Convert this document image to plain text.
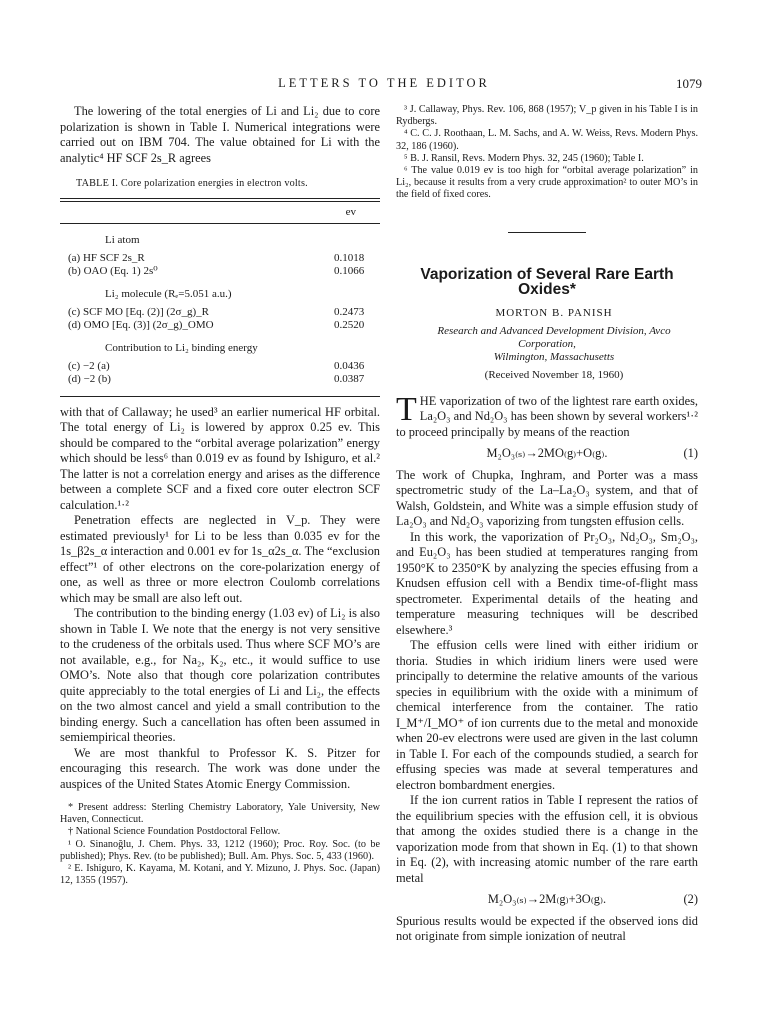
LETTERS TO THE EDITOR	1079

The lowering of the total energies of Li and Li₂ due to core polarization is shown in Table I. Numerical integrations were carried out on IBM 704. The value obtained for Li with the analytic⁴ HF SCF 2s_R agrees

TABLE I. Core polarization energies in electron volts.
ev
Li atom
(a) HF SCF 2s_R	0.1018
(b) OAO (Eq. 1) 2s⁰	0.1066
Li₂ molecule (Rₑ=5.051 a.u.)
(c) SCF MO [Eq. (2)] (2σ_g)_R	0.2473
(d) OMO [Eq. (3)] (2σ_g)_OMO	0.2520
Contribution to Li₂ binding energy
(c) −2 (a)	0.0436
(d) −2 (b)	0.0387

with that of Callaway; he used³ an earlier numerical HF orbital. The total energy of Li₂ is lowered by approx 0.25 ev. This should be compared to the “orbital average polarization” energy which should be less⁶ than 0.019 ev as found by Ishiguro, et al.² The latter is not a correlation energy and arises as the difference between a complete SCF and a fixed core outer electron SCF calculation.¹·²

Penetration effects are neglected in V_p. They were estimated previously¹ for Li to be less than 0.035 ev for the 1s_β2s_α interaction and 0.001 ev for 1s_α2s_α. The “exclusion effect”¹ of other electrons on the core-polarization energy of one, as well as three or more electron Coulomb correlations which may be small are also left out.

The contribution to the binding energy (1.03 ev) of Li₂ is also shown in Table I. We note that the energy is not very sensitive to the crudeness of the orbitals used. Thus where SCF MO’s are not available, e.g., for Na₂, K₂, etc., it would suffice to use OMO’s. Note also that though core polarization contributes quite appreciably to the total energies of Li and Li₂, the effects on the two almost cancel and yield a small contribution to the binding energy. Such a cancellation has often been assumed in semiempirical theories.

We are most thankful to Professor K. S. Pitzer for encouraging this research. The work was done under the auspices of the United States Atomic Energy Commission.

* Present address: Sterling Chemistry Laboratory, Yale University, New Haven, Connecticut.

† National Science Foundation Postdoctoral Fellow.

¹ O. Sinanoğlu, J. Chem. Phys. 33, 1212 (1960); Proc. Roy. Soc. (to be published); Phys. Rev. (to be published); Bull. Am. Phys. Soc. 5, 433 (1960).

² E. Ishiguro, K. Kayama, M. Kotani, and Y. Mizuno, J. Phys. Soc. (Japan) 12, 1355 (1957).

³ J. Callaway, Phys. Rev. 106, 868 (1957); V_p given in his Table I is in Rydbergs.

⁴ C. C. J. Roothaan, L. M. Sachs, and A. W. Weiss, Revs. Modern Phys. 32, 186 (1960).

⁵ B. J. Ransil, Revs. Modern Phys. 32, 245 (1960); Table I.

⁶ The value 0.019 ev is too high for “orbital average polarization” in Li₂, because it results from a very crude approximation² to outer MO’s in the field of fixed cores.

Vaporization of Several Rare Earth Oxides*

MORTON B. PANISH

Research and Advanced Development Division, Avco Corporation,

Wilmington, Massachusetts

(Received November 18, 1960)

THE vaporization of two of the lightest rare earth oxides, La₂O₃ and Nd₂O₃ has been shown by several workers¹·² to proceed principally by means of the reaction

M₂O₃₍ₛ₎→2MO₍g₎+O₍g₎.	(1)

The work of Chupka, Inghram, and Porter was a mass spectrometric study of the La–La₂O₃ system, and that of Walsh, Goldstein, and White was a simple effusion study of La₂O₃ and Nd₂O₃ vaporizing from tungsten effusion cells.

In this work, the vaporization of Pr₂O₃, Nd₂O₃, Sm₂O₃, and Eu₂O₃ has been studied at temperatures ranging from 1950°K to 2350°K by analyzing the species effusing from a Knudsen effusion cell with a Bendix time-of-flight mass spectrometer. Experimental details of the heating and temperature measuring techniques will be described elsewhere.³

The effusion cells were lined with either iridium or thoria. Studies in which iridium liners were used were principally to determine the relative amounts of the various species in equilibrium with the oxide with a minimum of chemical interference from the container. The ratio I_M⁺/I_MO⁺ of ion currents due to the metal and monoxide when 20-ev electrons were used are given in the last column in Table I. For each of the compounds studied, a search for effusing species was made at several temperatures and electron bombardment energies.

If the ion current ratios in Table I represent the ratios of the equilibrium species with the effusion cell, it is obvious that among the oxides studied there is a change in the vaporization mode from that shown in Eq. (1) to that shown in Eq. (2), with increasing atomic number of the rare earth metal

M₂O₃₍ₛ₎→2M₍g₎+3O₍g₎.	(2)

Spurious results would be expected if the observed ions did not originate from simple ionization of neutral
